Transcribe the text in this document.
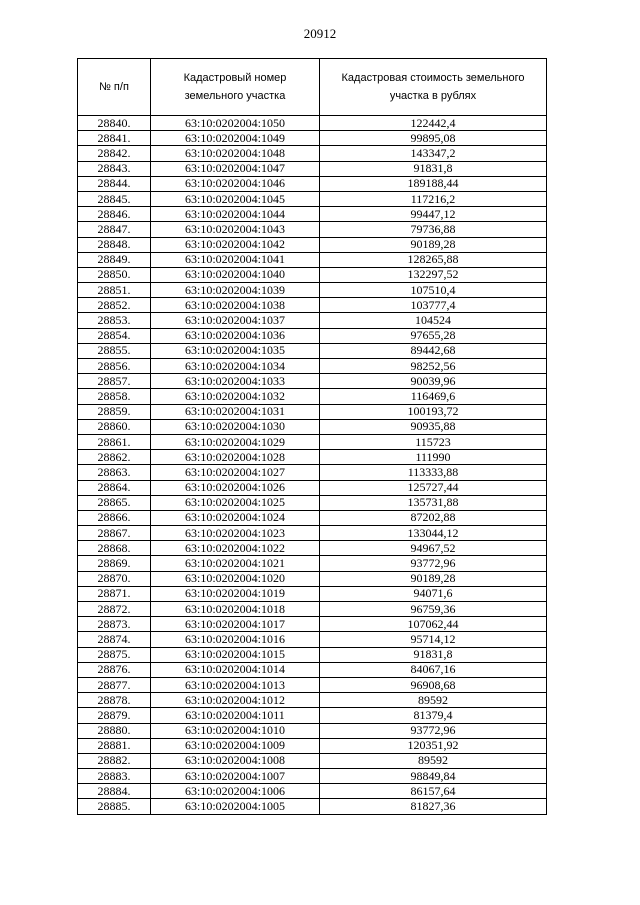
20912
№ п/п	Кадастровый номер земельного участка	Кадастровая стоимость земельного участка в рублях
28840.	63:10:0202004:1050	122442,4
28841.	63:10:0202004:1049	99895,08
28842.	63:10:0202004:1048	143347,2
28843.	63:10:0202004:1047	91831,8
28844.	63:10:0202004:1046	189188,44
28845.	63:10:0202004:1045	117216,2
28846.	63:10:0202004:1044	99447,12
28847.	63:10:0202004:1043	79736,88
28848.	63:10:0202004:1042	90189,28
28849.	63:10:0202004:1041	128265,88
28850.	63:10:0202004:1040	132297,52
28851.	63:10:0202004:1039	107510,4
28852.	63:10:0202004:1038	103777,4
28853.	63:10:0202004:1037	104524
28854.	63:10:0202004:1036	97655,28
28855.	63:10:0202004:1035	89442,68
28856.	63:10:0202004:1034	98252,56
28857.	63:10:0202004:1033	90039,96
28858.	63:10:0202004:1032	116469,6
28859.	63:10:0202004:1031	100193,72
28860.	63:10:0202004:1030	90935,88
28861.	63:10:0202004:1029	115723
28862.	63:10:0202004:1028	111990
28863.	63:10:0202004:1027	113333,88
28864.	63:10:0202004:1026	125727,44
28865.	63:10:0202004:1025	135731,88
28866.	63:10:0202004:1024	87202,88
28867.	63:10:0202004:1023	133044,12
28868.	63:10:0202004:1022	94967,52
28869.	63:10:0202004:1021	93772,96
28870.	63:10:0202004:1020	90189,28
28871.	63:10:0202004:1019	94071,6
28872.	63:10:0202004:1018	96759,36
28873.	63:10:0202004:1017	107062,44
28874.	63:10:0202004:1016	95714,12
28875.	63:10:0202004:1015	91831,8
28876.	63:10:0202004:1014	84067,16
28877.	63:10:0202004:1013	96908,68
28878.	63:10:0202004:1012	89592
28879.	63:10:0202004:1011	81379,4
28880.	63:10:0202004:1010	93772,96
28881.	63:10:0202004:1009	120351,92
28882.	63:10:0202004:1008	89592
28883.	63:10:0202004:1007	98849,84
28884.	63:10:0202004:1006	86157,64
28885.	63:10:0202004:1005	81827,36
